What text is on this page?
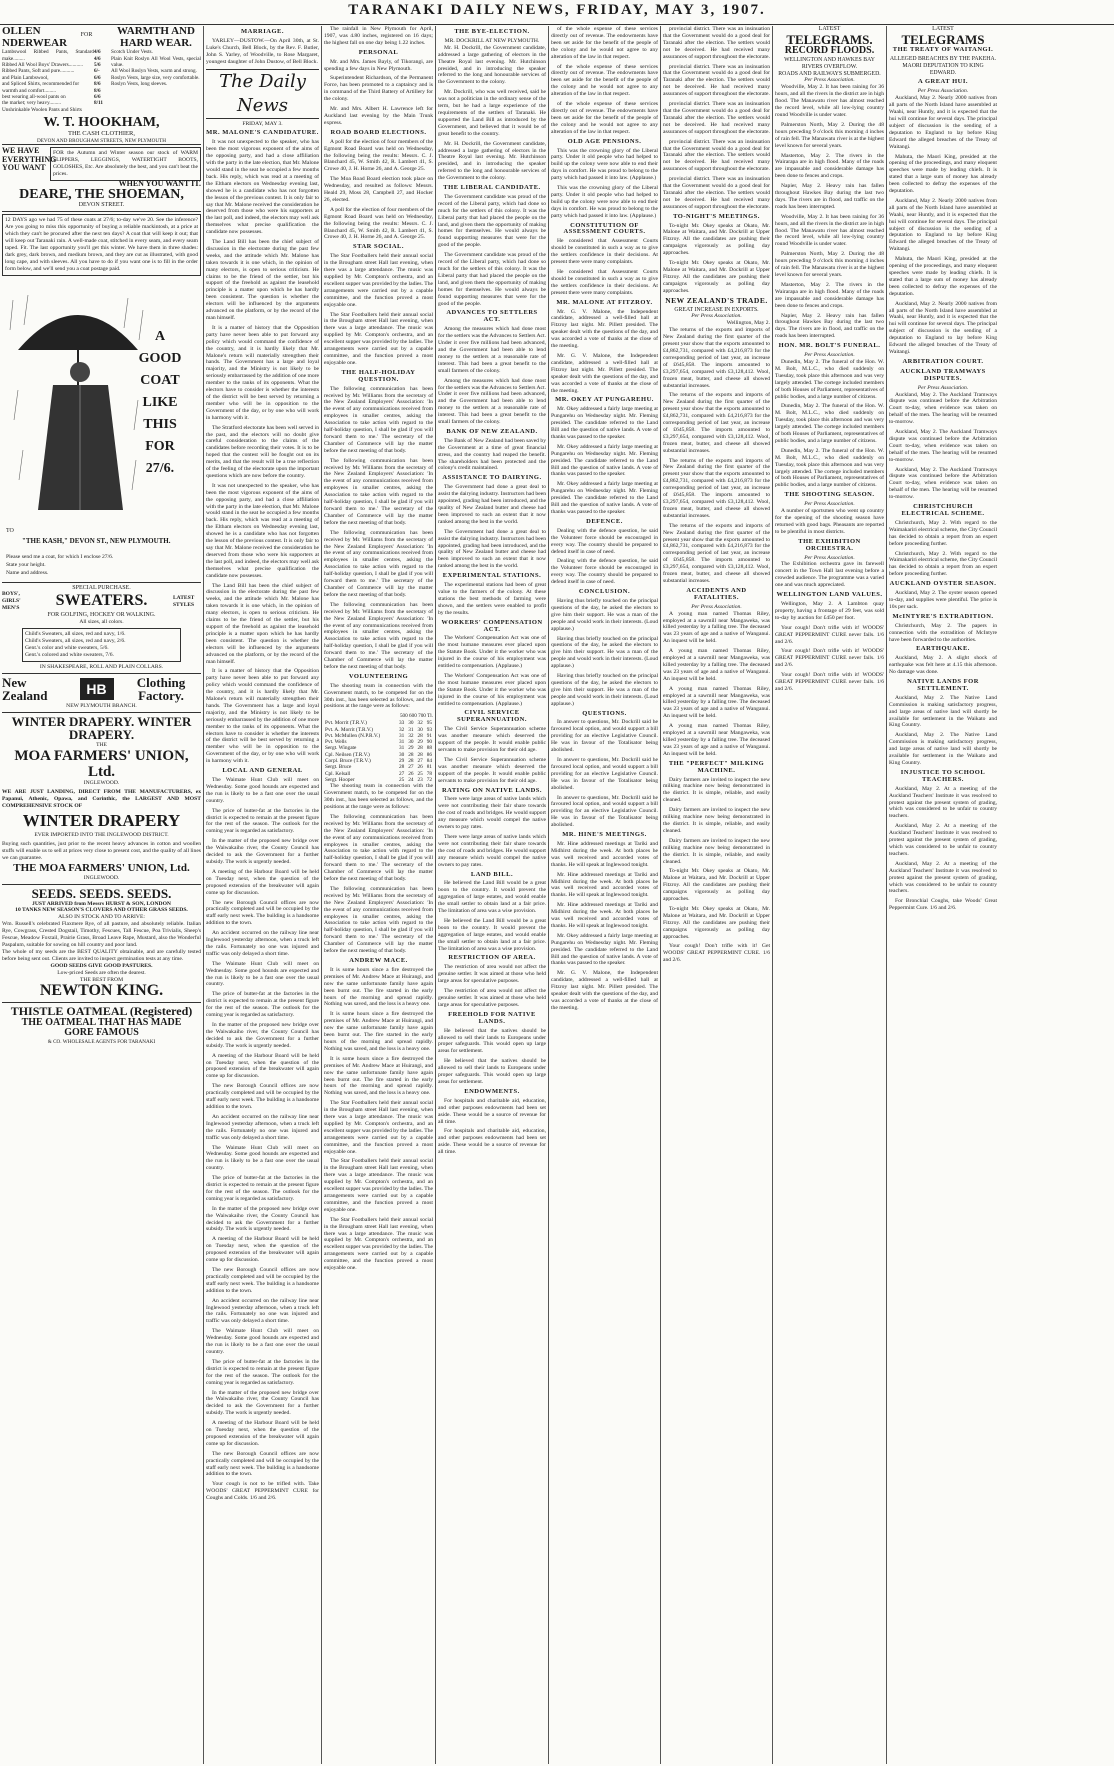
TARANAKI DAILY NEWS, FRIDAY, MAY 3, 1907.
OLLEN NDERWEAR
FOR	WARMTH AND HARD WEAR.
Lambswool Ribbed Pants, Standard make.........
Ribbed All Wool Boys' Drawers...........
Ribbed Pants, Soft and pure...........
and Plain Lambswool,
and Spliced Shirts, recommended for
warmth and comfort.........
best wearing all-wool pants on
the market; very heavy.........
Unshrinkable Woolen Pants and Shirts
4/6
4/6
5/6
6/-
6/6
8/6
8/6
6/6
8/11
Scotch Under Vests.
Plain Knit Roslyn All Wool Vests, special value.
All Wool Roslyn Vests, warm and strong.
Roslyn Vests, large size, very comfortable.
Roslyn Vests, long sleeves.
W. T. HOOKHAM,
THE CASH CLOTHIER,
DEVON AND BROUGHAM STREETS, NEW PLYMOUTH
WE HAVE EVERYTHING YOU WANT
FOR the Autumn and Winter season our stock of WARM SLIPPERS, LEGGINGS, WATERTIGHT BOOTS, GOLOSHES, Etc. Are absolutely the best, and you can't beat the prices.
WHEN YOU WANT IT.
DEARE, THE SHOEMAN,
DEVON STREET.
12 DAYS ago we had 75 of these coats at 27/6; to-day we've 20. See the inference? Are you going to miss this opportunity of buying a reliable mackintosh, at a price at which they can't be procured after the next ten days? A coat that will keep it out; that will keep out Taranaki rain. A well-made coat, stitched in every seam, and every seam taped. Fit. The last opportunity you'll get this winter. We have them in three shades: dark grey, dark brown, and medium brown, and they are cut as illustrated, with good long cape, and with sleeves. All you have to do if you want one is to fill in the order form below, and we'll send you a coat postage paid.
A
GOOD
COAT
LIKE
THIS
FOR
27/6.
TO
"THE KASH," DEVON ST., NEW PLYMOUTH.
Please send me a coat, for which I enclose 27/6.
State your height.
Name and address.
SPECIAL PURCHASE.
BOYS', GIRLS' MEN'S	SWEATERS.	LATEST STYLES
FOR GOLFING, HOCKEY OR WALKING.
All sizes, all colors.
Child's Sweaters, all sizes, red and navy, 1/6.
Child's Sweaters, all sizes, red and navy, 2/6.
Gent.'s color and white sweaters, 5/6.
Gent.'s colored and white sweaters, 7/6.
IN SHAKESPEARE, ROLL AND PLAIN COLLARS.
New Zealand	HB	Clothing Factory.
NEW PLYMOUTH BRANCH.
WINTER DRAPERY. WINTER DRAPERY.
THE
MOA FARMERS' UNION, Ltd.
INGLEWOOD.
WE ARE JUST LANDING, DIRECT FROM THE MANUFACTURERS, ex Papanui, Athenic, Opawa, and Corinthic, the LARGEST AND MOST COMPREHENSIVE STOCK OF
WINTER DRAPERY
EVER IMPORTED INTO THE INGLEWOOD DISTRICT.
Buying such quantities, just prior to the recent heavy advances in cotton and woollen stuffs will enable us to sell at prices very close to present cost, and the quality of all lines we can guarantee.
THE MOA FARMERS' UNION, Ltd.
INGLEWOOD.
SEEDS. SEEDS. SEEDS.
JUST ARRIVED from Messrs HURST & SON, LONDON
10 TANKS NEW SEASON'S CLOVERS AND OTHER GRASS SEEDS.
ALSO IN STOCK AND TO ARRIVE:
Wm. Russell's celebrated Flaxmere Rye, of all pasture, and absolutely reliable. Italian Rye, Cowgrass, Crested Dogstail, Timothy, Fescues, Tall Fescue, Poa Trivialis, Sheep's Fescue, Meadow Foxtail, Prairie Grass, Broad Leave Rape, Mustard, also the Wonderful Paspalum, suitable for sowing on hill country and poor land.
The whole of my seeds are the BEST QUALITY obtainable, and are carefully tested before being sent out. Clients are invited to inspect germination tests at any time.
GOOD SEEDS GIVE GOOD PASTURES.
Low-priced Seeds are often the dearest.
THE BEST FROM
NEWTON KING.
THISTLE OATMEAL (Registered)
THE OATMEAL THAT HAS MADE
GORE FAMOUS
& CO. WHOLESALE AGENTS FOR TARANAKI
MARRIAGE.
YARLEY—DUSTOW.—On April 30th, at St. Luke's Church, Bell Block, by the Rev. F. Butler, John S. Yarley, of Woodville, to Rose Margaret, youngest daughter of John Dustow, of Bell Block.
The Daily News
FRIDAY, MAY 3.
MR. MALONE'S CANDIDATURE.
It was not unexpected to the speaker, who has been the most vigorous exponent of the aims of the opposing party, and had a close affiliation with the party in the late election, that Mr. Malone would stand in the seat he occupied a few months back. His reply, which was read at a meeting of the Eltham electors on Wednesday evening last, showed he is a candidate who has not forgotten the lesson of the previous contest. It is only fair to say that Mr. Malone received the consideration he deserved from those who were his supporters at the last poll, and indeed, the electors may well ask themselves what precise qualification the candidate now possesses.
The Land Bill has been the chief subject of discussion in the electorate during the past few weeks, and the attitude which Mr. Malone has taken towards it is one which, in the opinion of many electors, is open to serious criticism. He claims to be the friend of the settler, but his support of the freehold as against the leasehold principle is a matter upon which he has hardly been consistent. The question is whether the electors will be influenced by the arguments advanced on the platform, or by the record of the man himself.
It is a matter of history that the Opposition party have never been able to put forward any policy which would command the confidence of the country, and it is hardly likely that Mr. Malone's return will materially strengthen their hands. The Government has a large and loyal majority, and the Ministry is not likely to be seriously embarrassed by the addition of one more member to the ranks of its opponents. What the electors have to consider is whether the interests of the district will be best served by returning a member who will be in opposition to the Government of the day, or by one who will work in harmony with it.
The Stratford electorate has been well served in the past, and the electors will no doubt give careful consideration to the claims of the candidates before recording their votes. It is to be hoped that the contest will be fought out on its merits, and that the result will be a true reflection of the feeling of the electorate upon the important questions which are now before the country.
It was not unexpected to the speaker, who has been the most vigorous exponent of the aims of the opposing party, and had a close affiliation with the party in the late election, that Mr. Malone would stand in the seat he occupied a few months back. His reply, which was read at a meeting of the Eltham electors on Wednesday evening last, showed he is a candidate who has not forgotten the lesson of the previous contest. It is only fair to say that Mr. Malone received the consideration he deserved from those who were his supporters at the last poll, and indeed, the electors may well ask themselves what precise qualification the candidate now possesses.
The Land Bill has been the chief subject of discussion in the electorate during the past few weeks, and the attitude which Mr. Malone has taken towards it is one which, in the opinion of many electors, is open to serious criticism. He claims to be the friend of the settler, but his support of the freehold as against the leasehold principle is a matter upon which he has hardly been consistent. The question is whether the electors will be influenced by the arguments advanced on the platform, or by the record of the man himself.
It is a matter of history that the Opposition party have never been able to put forward any policy which would command the confidence of the country, and it is hardly likely that Mr. Malone's return will materially strengthen their hands. The Government has a large and loyal majority, and the Ministry is not likely to be seriously embarrassed by the addition of one more member to the ranks of its opponents. What the electors have to consider is whether the interests of the district will be best served by returning a member who will be in opposition to the Government of the day, or by one who will work in harmony with it.
LOCAL AND GENERAL
The Waimate Hunt Club will meet on Wednesday. Some good hounds are expected and the run is likely to be a fast one over the usual country.
The price of butter-fat at the factories in the district is expected to remain at the present figure for the rest of the season. The outlook for the coming year is regarded as satisfactory.
In the matter of the proposed new bridge over the Waiwakaiho river, the County Council has decided to ask the Government for a further subsidy. The work is urgently needed.
A meeting of the Harbour Board will be held on Tuesday next, when the question of the proposed extension of the breakwater will again come up for discussion.
The new Borough Council offices are now practically completed and will be occupied by the staff early next week. The building is a handsome addition to the town.
An accident occurred on the railway line near Inglewood yesterday afternoon, when a truck left the rails. Fortunately no one was injured and traffic was only delayed a short time.
The Waimate Hunt Club will meet on Wednesday. Some good hounds are expected and the run is likely to be a fast one over the usual country.
The price of butter-fat at the factories in the district is expected to remain at the present figure for the rest of the season. The outlook for the coming year is regarded as satisfactory.
In the matter of the proposed new bridge over the Waiwakaiho river, the County Council has decided to ask the Government for a further subsidy. The work is urgently needed.
A meeting of the Harbour Board will be held on Tuesday next, when the question of the proposed extension of the breakwater will again come up for discussion.
The new Borough Council offices are now practically completed and will be occupied by the staff early next week. The building is a handsome addition to the town.
An accident occurred on the railway line near Inglewood yesterday afternoon, when a truck left the rails. Fortunately no one was injured and traffic was only delayed a short time.
The Waimate Hunt Club will meet on Wednesday. Some good hounds are expected and the run is likely to be a fast one over the usual country.
The price of butter-fat at the factories in the district is expected to remain at the present figure for the rest of the season. The outlook for the coming year is regarded as satisfactory.
In the matter of the proposed new bridge over the Waiwakaiho river, the County Council has decided to ask the Government for a further subsidy. The work is urgently needed.
A meeting of the Harbour Board will be held on Tuesday next, when the question of the proposed extension of the breakwater will again come up for discussion.
The new Borough Council offices are now practically completed and will be occupied by the staff early next week. The building is a handsome addition to the town.
An accident occurred on the railway line near Inglewood yesterday afternoon, when a truck left the rails. Fortunately no one was injured and traffic was only delayed a short time.
The Waimate Hunt Club will meet on Wednesday. Some good hounds are expected and the run is likely to be a fast one over the usual country.
The price of butter-fat at the factories in the district is expected to remain at the present figure for the rest of the season. The outlook for the coming year is regarded as satisfactory.
In the matter of the proposed new bridge over the Waiwakaiho river, the County Council has decided to ask the Government for a further subsidy. The work is urgently needed.
A meeting of the Harbour Board will be held on Tuesday next, when the question of the proposed extension of the breakwater will again come up for discussion.
The new Borough Council offices are now practically completed and will be occupied by the staff early next week. The building is a handsome addition to the town.
Your cough is not to be trifled with. Take WOODS' GREAT PEPPERMINT CURE for Coughs and Colds. 1/6 and 2/6.
The rainfall in New Plymouth for April, 1907, was 4.80 inches, registered on 16 days; the highest fall on one day being 1.22 inches.
PERSONAL
Mr. and Mrs. James Bayly, of Tikorangi, are spending a few days in New Plymouth.
Superintendent Richardson, of the Permanent Force, has been promoted to a captaincy and is in command of the Third Battery of Artillery for the colony.
Mr. and Mrs. Albert H. Lawrence left for Auckland last evening by the Main Trunk express.
ROAD BOARD ELECTIONS.
A poll for the election of four members of the Egmont Road Board was held on Wednesday, the following being the results: Messrs. C. J. Blanchard 45, W. Smith 42, R. Lambert 41, S. Crowe 40, J. H. Horne 26, and A. George 25.
The Moa Road Board election took place on Wednesday, and resulted as follows: Messrs. Heald 29, Moss 28, Campbell 27, and Hocker 26, elected.
A poll for the election of four members of the Egmont Road Board was held on Wednesday, the following being the results: Messrs. C. J. Blanchard 45, W. Smith 42, R. Lambert 41, S. Crowe 40, J. H. Horne 26, and A. George 25.
STAR SOCIAL.
The Star Footballers held their annual social in the Brougham street Hall last evening, when there was a large attendance. The music was supplied by Mr. Compton's orchestra, and an excellent supper was provided by the ladies. The arrangements were carried out by a capable committee, and the function proved a most enjoyable one.
The Star Footballers held their annual social in the Brougham street Hall last evening, when there was a large attendance. The music was supplied by Mr. Compton's orchestra, and an excellent supper was provided by the ladies. The arrangements were carried out by a capable committee, and the function proved a most enjoyable one.
THE HALF-HOLIDAY QUESTION.
The following communication has been received by Mr. Williams from the secretary of the New Zealand Employers' Association: 'In the event of any communications received from employees in smaller centres, asking the Association to take action with regard to the half-holiday question, I shall be glad if you will forward them to me.' The secretary of the Chamber of Commerce will lay the matter before the next meeting of that body.
The following communication has been received by Mr. Williams from the secretary of the New Zealand Employers' Association: 'In the event of any communications received from employees in smaller centres, asking the Association to take action with regard to the half-holiday question, I shall be glad if you will forward them to me.' The secretary of the Chamber of Commerce will lay the matter before the next meeting of that body.
The following communication has been received by Mr. Williams from the secretary of the New Zealand Employers' Association: 'In the event of any communications received from employees in smaller centres, asking the Association to take action with regard to the half-holiday question, I shall be glad if you will forward them to me.' The secretary of the Chamber of Commerce will lay the matter before the next meeting of that body.
The following communication has been received by Mr. Williams from the secretary of the New Zealand Employers' Association: 'In the event of any communications received from employees in smaller centres, asking the Association to take action with regard to the half-holiday question, I shall be glad if you will forward them to me.' The secretary of the Chamber of Commerce will lay the matter before the next meeting of that body.
VOLUNTEERING
The shooting team in connection with the Government match, to be competed for on the 30th inst., has been selected as follows, and the positions at the range were as follows:
500 600 700 Tl.
Pvt. Morrit (T.R.V.)	33	30	32	95
Pvt. A. Morrit (T.R.V.)	32	31	30	93
Pvt. McMullen (N.P.R.V.)	31	32	28	91
Pvt. Wells	31	30	29	90
Sergt. Wingate	31	29	28	88
Cpl. Neilsen (T.R.V.)	30	28	28	86
Corpl. Bruce (T.R.V.)	29	28	27	84
Sergt. Bruce	28	27	26	81
Cpl. Kelsall	27	26	25	78
Sergt. Hooper	25	24	23	72
The shooting team in connection with the Government match, to be competed for on the 30th inst., has been selected as follows, and the positions at the range were as follows:
The following communication has been received by Mr. Williams from the secretary of the New Zealand Employers' Association: 'In the event of any communications received from employees in smaller centres, asking the Association to take action with regard to the half-holiday question, I shall be glad if you will forward them to me.' The secretary of the Chamber of Commerce will lay the matter before the next meeting of that body.
The following communication has been received by Mr. Williams from the secretary of the New Zealand Employers' Association: 'In the event of any communications received from employees in smaller centres, asking the Association to take action with regard to the half-holiday question, I shall be glad if you will forward them to me.' The secretary of the Chamber of Commerce will lay the matter before the next meeting of that body.
ANDREW MACE.
It is some hours since a fire destroyed the premises of Mr. Andrew Mace at Huirangi, and now the same unfortunate family have again been burnt out. The fire started in the early hours of the morning and spread rapidly. Nothing was saved, and the loss is a heavy one.
It is some hours since a fire destroyed the premises of Mr. Andrew Mace at Huirangi, and now the same unfortunate family have again been burnt out. The fire started in the early hours of the morning and spread rapidly. Nothing was saved, and the loss is a heavy one.
It is some hours since a fire destroyed the premises of Mr. Andrew Mace at Huirangi, and now the same unfortunate family have again been burnt out. The fire started in the early hours of the morning and spread rapidly. Nothing was saved, and the loss is a heavy one.
The Star Footballers held their annual social in the Brougham street Hall last evening, when there was a large attendance. The music was supplied by Mr. Compton's orchestra, and an excellent supper was provided by the ladies. The arrangements were carried out by a capable committee, and the function proved a most enjoyable one.
The Star Footballers held their annual social in the Brougham street Hall last evening, when there was a large attendance. The music was supplied by Mr. Compton's orchestra, and an excellent supper was provided by the ladies. The arrangements were carried out by a capable committee, and the function proved a most enjoyable one.
The Star Footballers held their annual social in the Brougham street Hall last evening, when there was a large attendance. The music was supplied by Mr. Compton's orchestra, and an excellent supper was provided by the ladies. The arrangements were carried out by a capable committee, and the function proved a most enjoyable one.
THE BYE-ELECTION.
MR. DOCKRILL AT NEW PLYMOUTH.
Mr. H. Dockrill, the Government candidate, addressed a large gathering of electors in the Theatre Royal last evening. Mr. Hutchinson presided, and in introducing the speaker referred to the long and honourable services of the Government to the colony.
Mr. Dockrill, who was well received, said he was not a politician in the ordinary sense of the term, but he had a large experience of the requirements of the settlers of Taranaki. He supported the Land Bill as introduced by the Government, and believed that it would be of great benefit to the country.
Mr. H. Dockrill, the Government candidate, addressed a large gathering of electors in the Theatre Royal last evening. Mr. Hutchinson presided, and in introducing the speaker referred to the long and honourable services of the Government to the colony.
THE LIBERAL CANDIDATE.
The Government candidate was proud of the record of the Liberal party, which had done so much for the settlers of this colony. It was the Liberal party that had placed the people on the land, and given them the opportunity of making homes for themselves. He would always be found supporting measures that were for the good of the people.
The Government candidate was proud of the record of the Liberal party, which had done so much for the settlers of this colony. It was the Liberal party that had placed the people on the land, and given them the opportunity of making homes for themselves. He would always be found supporting measures that were for the good of the people.
ADVANCES TO SETTLERS ACT.
Among the measures which had done most for the settlers was the Advances to Settlers Act. Under it over five millions had been advanced, and the Government had been able to lend money to the settlers at a reasonable rate of interest. This had been a great benefit to the small farmers of the colony.
Among the measures which had done most for the settlers was the Advances to Settlers Act. Under it over five millions had been advanced, and the Government had been able to lend money to the settlers at a reasonable rate of interest. This had been a great benefit to the small farmers of the colony.
BANK OF NEW ZEALAND.
The Bank of New Zealand had been saved by the Government at a time of great financial stress, and the country had reaped the benefit. The shareholders had been protected and the colony's credit maintained.
ASSISTANCE TO DAIRYING.
The Government had done a great deal to assist the dairying industry. Instructors had been appointed, grading had been introduced, and the quality of New Zealand butter and cheese had been improved to such an extent that it now ranked among the best in the world.
The Government had done a great deal to assist the dairying industry. Instructors had been appointed, grading had been introduced, and the quality of New Zealand butter and cheese had been improved to such an extent that it now ranked among the best in the world.
EXPERIMENTAL STATIONS.
The experimental stations had been of great value to the farmers of the colony. At these stations the best methods of farming were shown, and the settlers were enabled to profit by the results.
WORKERS' COMPENSATION ACT.
The Workers' Compensation Act was one of the most humane measures ever placed upon the Statute Book. Under it the worker who was injured in the course of his employment was entitled to compensation. (Applause.)
The Workers' Compensation Act was one of the most humane measures ever placed upon the Statute Book. Under it the worker who was injured in the course of his employment was entitled to compensation. (Applause.)
CIVIL SERVICE SUPERANNUATION.
The Civil Service Superannuation scheme was another measure which deserved the support of the people. It would enable public servants to make provision for their old age.
The Civil Service Superannuation scheme was another measure which deserved the support of the people. It would enable public servants to make provision for their old age.
RATING ON NATIVE LANDS.
There were large areas of native lands which were not contributing their fair share towards the cost of roads and bridges. He would support any measure which would compel the native owners to pay rates.
There were large areas of native lands which were not contributing their fair share towards the cost of roads and bridges. He would support any measure which would compel the native owners to pay rates.
LAND BILL.
He believed the Land Bill would be a great boon to the country. It would prevent the aggregation of large estates, and would enable the small settler to obtain land at a fair price. The limitation of area was a wise provision.
He believed the Land Bill would be a great boon to the country. It would prevent the aggregation of large estates, and would enable the small settler to obtain land at a fair price. The limitation of area was a wise provision.
RESTRICTION OF AREA.
The restriction of area would not affect the genuine settler. It was aimed at those who held large areas for speculative purposes.
The restriction of area would not affect the genuine settler. It was aimed at those who held large areas for speculative purposes.
FREEHOLD FOR NATIVE LANDS.
He believed that the natives should be allowed to sell their lands to Europeans under proper safeguards. This would open up large areas for settlement.
He believed that the natives should be allowed to sell their lands to Europeans under proper safeguards. This would open up large areas for settlement.
ENDOWMENTS.
For hospitals and charitable aid, education, and other purposes endowments had been set aside. These would be a source of revenue for all time.
For hospitals and charitable aid, education, and other purposes endowments had been set aside. These would be a source of revenue for all time.
of the whole expense of these services directly out of revenue. The endowments have been set aside for the benefit of the people of the colony and he would not agree to any alteration of the law in that respect.
of the whole expense of these services directly out of revenue. The endowments have been set aside for the benefit of the people of the colony and he would not agree to any alteration of the law in that respect.
of the whole expense of these services directly out of revenue. The endowments have been set aside for the benefit of the people of the colony and he would not agree to any alteration of the law in that respect.
OLD AGE PENSIONS.
This was the crowning glory of the Liberal party. Under it old people who had helped to build up the colony were now able to end their days in comfort. He was proud to belong to the party which had passed it into law. (Applause.)
This was the crowning glory of the Liberal party. Under it old people who had helped to build up the colony were now able to end their days in comfort. He was proud to belong to the party which had passed it into law. (Applause.)
CONSTITUTION OF ASSESSMENT COURTS.
He considered that Assessment Courts should be constituted in such a way as to give the settlers confidence in their decisions. At present there were many complaints.
He considered that Assessment Courts should be constituted in such a way as to give the settlers confidence in their decisions. At present there were many complaints.
MR. MALONE AT FITZROY.
Mr. G. V. Malone, the Independent candidate, addressed a well-filled hall at Fitzroy last night. Mr. Pillett presided. The speaker dealt with the questions of the day, and was accorded a vote of thanks at the close of the meeting.
Mr. G. V. Malone, the Independent candidate, addressed a well-filled hall at Fitzroy last night. Mr. Pillett presided. The speaker dealt with the questions of the day, and was accorded a vote of thanks at the close of the meeting.
MR. OKEY AT PUNGAREHU.
Mr. Okey addressed a fairly large meeting at Pungarehu on Wednesday night. Mr. Fleming presided. The candidate referred to the Land Bill and the question of native lands. A vote of thanks was passed to the speaker.
Mr. Okey addressed a fairly large meeting at Pungarehu on Wednesday night. Mr. Fleming presided. The candidate referred to the Land Bill and the question of native lands. A vote of thanks was passed to the speaker.
Mr. Okey addressed a fairly large meeting at Pungarehu on Wednesday night. Mr. Fleming presided. The candidate referred to the Land Bill and the question of native lands. A vote of thanks was passed to the speaker.
DEFENCE.
Dealing with the defence question, he said the Volunteer force should be encouraged in every way. The country should be prepared to defend itself in case of need.
Dealing with the defence question, he said the Volunteer force should be encouraged in every way. The country should be prepared to defend itself in case of need.
CONCLUSION.
Having thus briefly touched on the principal questions of the day, he asked the electors to give him their support. He was a man of the people and would work in their interests. (Loud applause.)
Having thus briefly touched on the principal questions of the day, he asked the electors to give him their support. He was a man of the people and would work in their interests. (Loud applause.)
Having thus briefly touched on the principal questions of the day, he asked the electors to give him their support. He was a man of the people and would work in their interests. (Loud applause.)
QUESTIONS.
In answer to questions, Mr. Dockrill said he favoured local option, and would support a bill providing for an elective Legislative Council. He was in favour of the Totalisator being abolished.
In answer to questions, Mr. Dockrill said he favoured local option, and would support a bill providing for an elective Legislative Council. He was in favour of the Totalisator being abolished.
In answer to questions, Mr. Dockrill said he favoured local option, and would support a bill providing for an elective Legislative Council. He was in favour of the Totalisator being abolished.
MR. HINE'S MEETINGS.
Mr. Hine addressed meetings at Tariki and Midhirst during the week. At both places he was well received and accorded votes of thanks. He will speak at Inglewood tonight.
Mr. Hine addressed meetings at Tariki and Midhirst during the week. At both places he was well received and accorded votes of thanks. He will speak at Inglewood tonight.
Mr. Hine addressed meetings at Tariki and Midhirst during the week. At both places he was well received and accorded votes of thanks. He will speak at Inglewood tonight.
Mr. Okey addressed a fairly large meeting at Pungarehu on Wednesday night. Mr. Fleming presided. The candidate referred to the Land Bill and the question of native lands. A vote of thanks was passed to the speaker.
Mr. G. V. Malone, the Independent candidate, addressed a well-filled hall at Fitzroy last night. Mr. Pillett presided. The speaker dealt with the questions of the day, and was accorded a vote of thanks at the close of the meeting.
provincial district. There was an insinuation that the Government would do a good deal for Taranaki after the election. The settlers would not be deceived. He had received many assurances of support throughout the electorate.
provincial district. There was an insinuation that the Government would do a good deal for Taranaki after the election. The settlers would not be deceived. He had received many assurances of support throughout the electorate.
provincial district. There was an insinuation that the Government would do a good deal for Taranaki after the election. The settlers would not be deceived. He had received many assurances of support throughout the electorate.
provincial district. There was an insinuation that the Government would do a good deal for Taranaki after the election. The settlers would not be deceived. He had received many assurances of support throughout the electorate.
provincial district. There was an insinuation that the Government would do a good deal for Taranaki after the election. The settlers would not be deceived. He had received many assurances of support throughout the electorate.
TO-NIGHT'S MEETINGS.
To-night Mr. Okey speaks at Okato, Mr. Malone at Waitara, and Mr. Dockrill at Upper Fitzroy. All the candidates are pushing their campaigns vigorously as polling day approaches.
To-night Mr. Okey speaks at Okato, Mr. Malone at Waitara, and Mr. Dockrill at Upper Fitzroy. All the candidates are pushing their campaigns vigorously as polling day approaches.
NEW ZEALAND'S TRADE.
GREAT INCREASE IN EXPORTS.
Per Press Association.
Wellington, May 2.
The returns of the exports and imports of New Zealand during the first quarter of the present year show that the exports amounted to £4,862,731, compared with £4,216,873 for the corresponding period of last year, an increase of £645,858. The imports amounted to £3,297,654, compared with £3,128,412. Wool, frozen meat, butter, and cheese all showed substantial increases.
The returns of the exports and imports of New Zealand during the first quarter of the present year show that the exports amounted to £4,862,731, compared with £4,216,873 for the corresponding period of last year, an increase of £645,858. The imports amounted to £3,297,654, compared with £3,128,412. Wool, frozen meat, butter, and cheese all showed substantial increases.
The returns of the exports and imports of New Zealand during the first quarter of the present year show that the exports amounted to £4,862,731, compared with £4,216,873 for the corresponding period of last year, an increase of £645,858. The imports amounted to £3,297,654, compared with £3,128,412. Wool, frozen meat, butter, and cheese all showed substantial increases.
The returns of the exports and imports of New Zealand during the first quarter of the present year show that the exports amounted to £4,862,731, compared with £4,216,873 for the corresponding period of last year, an increase of £645,858. The imports amounted to £3,297,654, compared with £3,128,412. Wool, frozen meat, butter, and cheese all showed substantial increases.
ACCIDENTS AND FATALITIES.
Per Press Association.
A young man named Thomas Riley, employed at a sawmill near Mangaweka, was killed yesterday by a falling tree. The deceased was 23 years of age and a native of Wanganui. An inquest will be held.
A young man named Thomas Riley, employed at a sawmill near Mangaweka, was killed yesterday by a falling tree. The deceased was 23 years of age and a native of Wanganui. An inquest will be held.
A young man named Thomas Riley, employed at a sawmill near Mangaweka, was killed yesterday by a falling tree. The deceased was 23 years of age and a native of Wanganui. An inquest will be held.
A young man named Thomas Riley, employed at a sawmill near Mangaweka, was killed yesterday by a falling tree. The deceased was 23 years of age and a native of Wanganui. An inquest will be held.
THE "PERFECT" MILKING MACHINE.
Dairy farmers are invited to inspect the new milking machine now being demonstrated in the district. It is simple, reliable, and easily cleaned.
Dairy farmers are invited to inspect the new milking machine now being demonstrated in the district. It is simple, reliable, and easily cleaned.
Dairy farmers are invited to inspect the new milking machine now being demonstrated in the district. It is simple, reliable, and easily cleaned.
To-night Mr. Okey speaks at Okato, Mr. Malone at Waitara, and Mr. Dockrill at Upper Fitzroy. All the candidates are pushing their campaigns vigorously as polling day approaches.
To-night Mr. Okey speaks at Okato, Mr. Malone at Waitara, and Mr. Dockrill at Upper Fitzroy. All the candidates are pushing their campaigns vigorously as polling day approaches.
Your cough! Don't trifle with it! Get WOODS' GREAT PEPPERMINT CURE. 1/6 and 2/6.
LATEST
TELEGRAMS.
RECORD FLOODS.
WELLINGTON AND HAWKES BAY RIVERS OVERFLOW.
ROADS AND RAILWAYS SUBMERGED.
Per Press Association.
Woodville, May 2. It has been raining for 36 hours, and all the rivers in the district are in high flood. The Manawatu river has almost reached the record level, while all low-lying country round Woodville is under water.
Palmerston North, May 2. During the 48 hours preceding 9 o'clock this morning 4 inches of rain fell. The Manawatu river is at the highest level known for several years.
Masterton, May 2. The rivers in the Wairarapa are in high flood. Many of the roads are impassable and considerable damage has been done to fences and crops.
Napier, May 2. Heavy rain has fallen throughout Hawkes Bay during the last two days. The rivers are in flood, and traffic on the roads has been interrupted.
Woodville, May 2. It has been raining for 36 hours, and all the rivers in the district are in high flood. The Manawatu river has almost reached the record level, while all low-lying country round Woodville is under water.
Palmerston North, May 2. During the 48 hours preceding 9 o'clock this morning 4 inches of rain fell. The Manawatu river is at the highest level known for several years.
Masterton, May 2. The rivers in the Wairarapa are in high flood. Many of the roads are impassable and considerable damage has been done to fences and crops.
Napier, May 2. Heavy rain has fallen throughout Hawkes Bay during the last two days. The rivers are in flood, and traffic on the roads has been interrupted.
HON. MR. BOLT'S FUNERAL.
Per Press Association.
Dunedin, May 2. The funeral of the Hon. W. M. Bolt, M.L.C., who died suddenly on Tuesday, took place this afternoon and was very largely attended. The cortege included members of both Houses of Parliament, representatives of public bodies, and a large number of citizens.
Dunedin, May 2. The funeral of the Hon. W. M. Bolt, M.L.C., who died suddenly on Tuesday, took place this afternoon and was very largely attended. The cortege included members of both Houses of Parliament, representatives of public bodies, and a large number of citizens.
Dunedin, May 2. The funeral of the Hon. W. M. Bolt, M.L.C., who died suddenly on Tuesday, took place this afternoon and was very largely attended. The cortege included members of both Houses of Parliament, representatives of public bodies, and a large number of citizens.
THE SHOOTING SEASON.
Per Press Association.
A number of sportsmen who went up country for the opening of the shooting season have returned with good bags. Pheasants are reported to be plentiful in most districts.
THE EXHIBITION ORCHESTRA.
Per Press Association.
The Exhibition orchestra gave its farewell concert in the Town Hall last evening before a crowded audience. The programme was a varied one and was much appreciated.
WELLINGTON LAND VALUES.
Wellington, May 2. A Lambton quay property, having a frontage of 29 feet, was sold to-day by auction for £450 per foot.
Your cough! Don't trifle with it! WOODS' GREAT PEPPERMINT CURE never fails. 1/6 and 2/6.
Your cough! Don't trifle with it! WOODS' GREAT PEPPERMINT CURE never fails. 1/6 and 2/6.
Your cough! Don't trifle with it! WOODS' GREAT PEPPERMINT CURE never fails. 1/6 and 2/6.
LATEST
TELEGRAMS
THE TREATY OF WAITANGI.
ALLEGED BREACHES BY THE PAKEHA.
MAORI DEPUTATION TO KING EDWARD.
A GREAT HUI.
Per Press Association.
Auckland, May 2. Nearly 2000 natives from all parts of the North Island have assembled at Waahi, near Huntly, and it is expected that the hui will continue for several days. The principal subject of discussion is the sending of a deputation to England to lay before King Edward the alleged breaches of the Treaty of Waitangi.
Mahuta, the Maori King, presided at the opening of the proceedings, and many eloquent speeches were made by leading chiefs. It is stated that a large sum of money has already been collected to defray the expenses of the deputation.
Auckland, May 2. Nearly 2000 natives from all parts of the North Island have assembled at Waahi, near Huntly, and it is expected that the hui will continue for several days. The principal subject of discussion is the sending of a deputation to England to lay before King Edward the alleged breaches of the Treaty of Waitangi.
Mahuta, the Maori King, presided at the opening of the proceedings, and many eloquent speeches were made by leading chiefs. It is stated that a large sum of money has already been collected to defray the expenses of the deputation.
Auckland, May 2. Nearly 2000 natives from all parts of the North Island have assembled at Waahi, near Huntly, and it is expected that the hui will continue for several days. The principal subject of discussion is the sending of a deputation to England to lay before King Edward the alleged breaches of the Treaty of Waitangi.
ARBITRATION COURT.
AUCKLAND TRAMWAYS DISPUTES.
Per Press Association.
Auckland, May 2. The Auckland Tramways dispute was continued before the Arbitration Court to-day, when evidence was taken on behalf of the men. The hearing will be resumed to-morrow.
Auckland, May 2. The Auckland Tramways dispute was continued before the Arbitration Court to-day, when evidence was taken on behalf of the men. The hearing will be resumed to-morrow.
Auckland, May 2. The Auckland Tramways dispute was continued before the Arbitration Court to-day, when evidence was taken on behalf of the men. The hearing will be resumed to-morrow.
CHRISTCHURCH ELECTRICAL SCHEME.
Christchurch, May 2. With regard to the Waimakariri electrical scheme, the City Council has decided to obtain a report from an expert before proceeding further.
Christchurch, May 2. With regard to the Waimakariri electrical scheme, the City Council has decided to obtain a report from an expert before proceeding further.
AUCKLAND OYSTER SEASON.
Auckland, May 2. The oyster season opened to-day, and supplies were plentiful. The price is 10s per sack.
McINTYRE'S EXTRADITION.
Christchurch, May 2. The papers in connection with the extradition of McIntyre have been forwarded to the authorities.
EARTHQUAKE.
Auckland, May 2. A slight shock of earthquake was felt here at 4.15 this afternoon. No damage was done.
NATIVE LANDS FOR SETTLEMENT.
Auckland, May 2. The Native Land Commission is making satisfactory progress, and large areas of native land will shortly be available for settlement in the Waikato and King Country.
Auckland, May 2. The Native Land Commission is making satisfactory progress, and large areas of native land will shortly be available for settlement in the Waikato and King Country.
INJUSTICE TO SCHOOL TEACHERS.
Auckland, May 2. At a meeting of the Auckland Teachers' Institute it was resolved to protest against the present system of grading, which was considered to be unfair to country teachers.
Auckland, May 2. At a meeting of the Auckland Teachers' Institute it was resolved to protest against the present system of grading, which was considered to be unfair to country teachers.
Auckland, May 2. At a meeting of the Auckland Teachers' Institute it was resolved to protest against the present system of grading, which was considered to be unfair to country teachers.
For Bronchial Coughs, take Woods' Great Peppermint Cure. 1/6 and 2/6.
